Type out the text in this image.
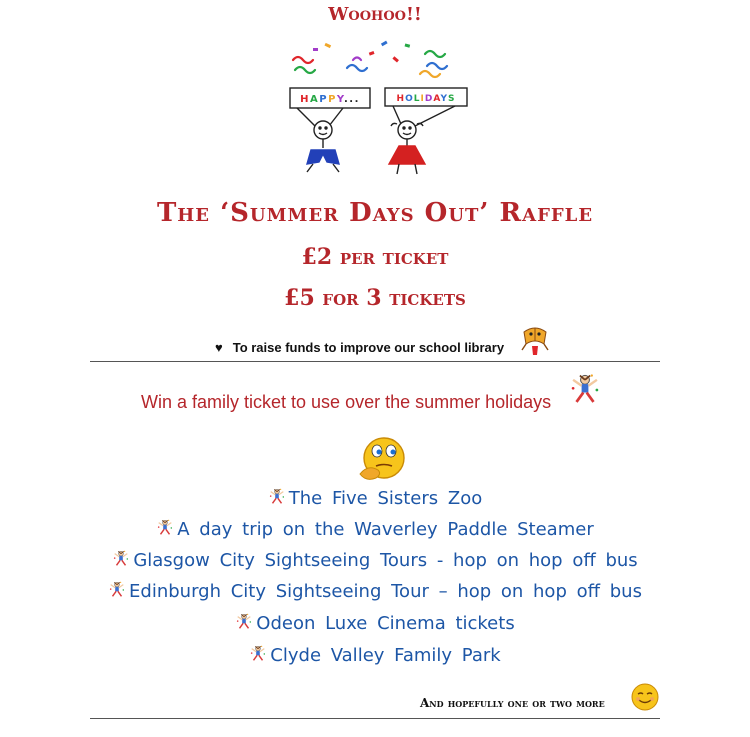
Woohoo!!
HAPPY...	HOLIDAYS
The ‘Summer Days Out’ Raffle
£2 per ticket
£5 for 3 tickets
♥ To raise funds to improve our school library
Win a family ticket to use over the summer holidays
The Five Sisters Zoo
A day trip on the Waverley Paddle Steamer
Glasgow City Sightseeing Tours - hop on hop off bus
Edinburgh City Sightseeing Tour – hop on hop off bus
Odeon Luxe Cinema tickets
Clyde Valley Family Park
And hopefully one or two more
